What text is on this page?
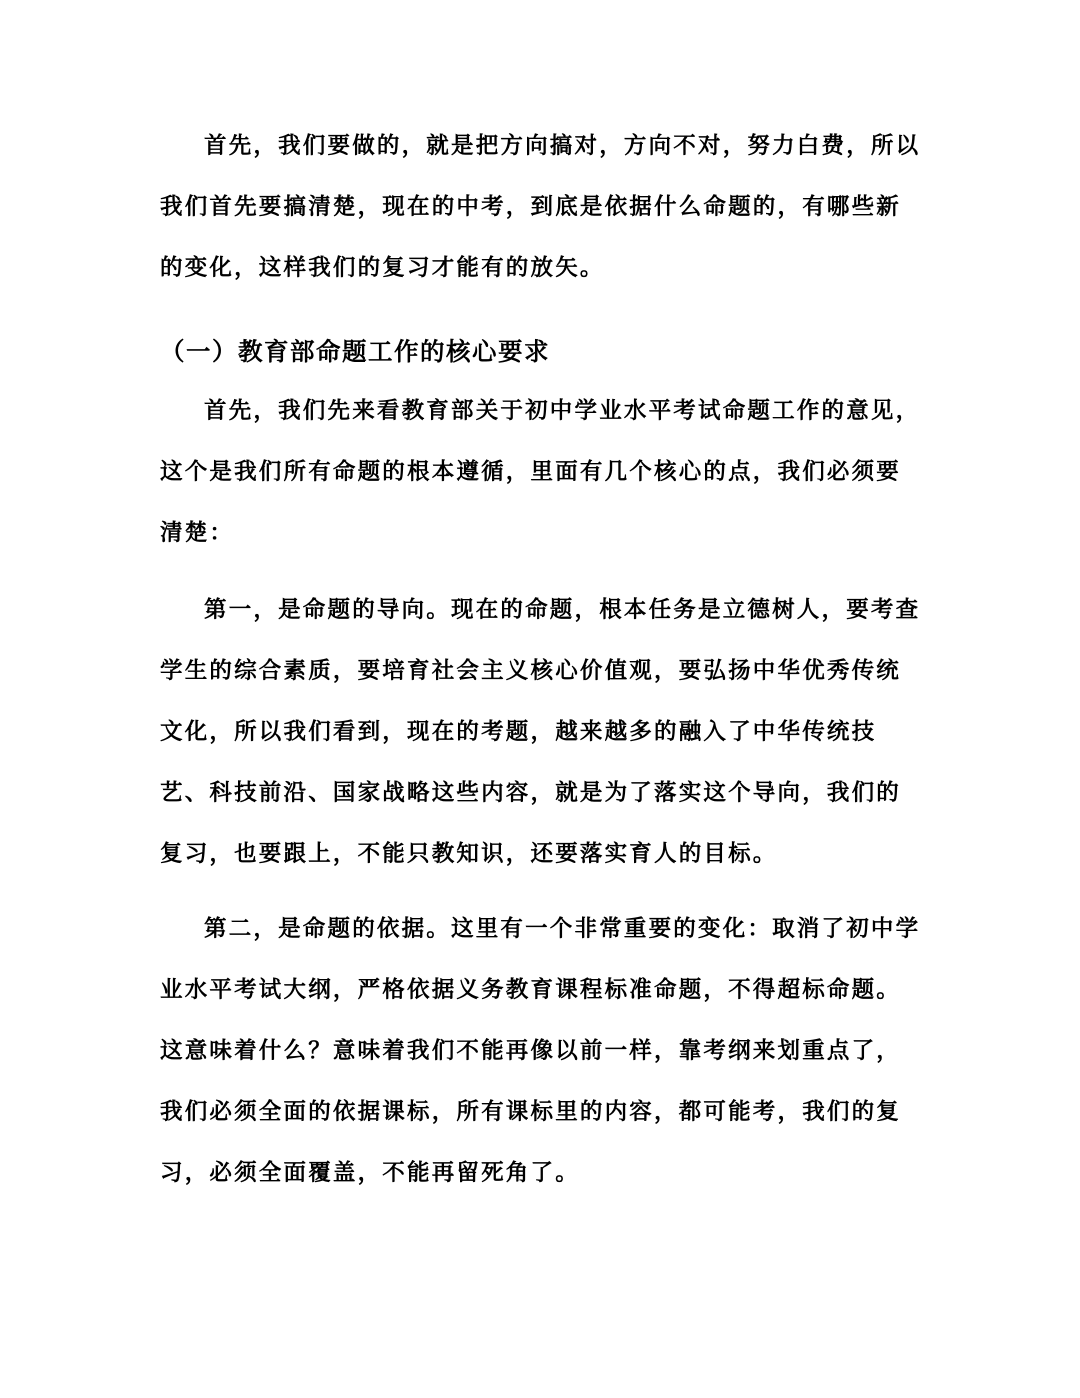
首先，我们要做的，就是把方向搞对，方向不对，努力白费，所以
我们首先要搞清楚，现在的中考，到底是依据什么命题的，有哪些新
的变化，这样我们的复习才能有的放矢。

（一）教育部命题工作的核心要求

首先，我们先来看教育部关于初中学业水平考试命题工作的意见，
这个是我们所有命题的根本遵循，里面有几个核心的点，我们必须要
清楚：

第一，是命题的导向。现在的命题，根本任务是立德树人，要考查
学生的综合素质，要培育社会主义核心价值观，要弘扬中华优秀传统
文化，所以我们看到，现在的考题，越来越多的融入了中华传统技
艺、科技前沿、国家战略这些内容，就是为了落实这个导向，我们的
复习，也要跟上，不能只教知识，还要落实育人的目标。

第二，是命题的依据。这里有一个非常重要的变化：取消了初中学
业水平考试大纲，严格依据义务教育课程标准命题，不得超标命题。
这意味着什么？意味着我们不能再像以前一样，靠考纲来划重点了，
我们必须全面的依据课标，所有课标里的内容，都可能考，我们的复
习，必须全面覆盖，不能再留死角了。
